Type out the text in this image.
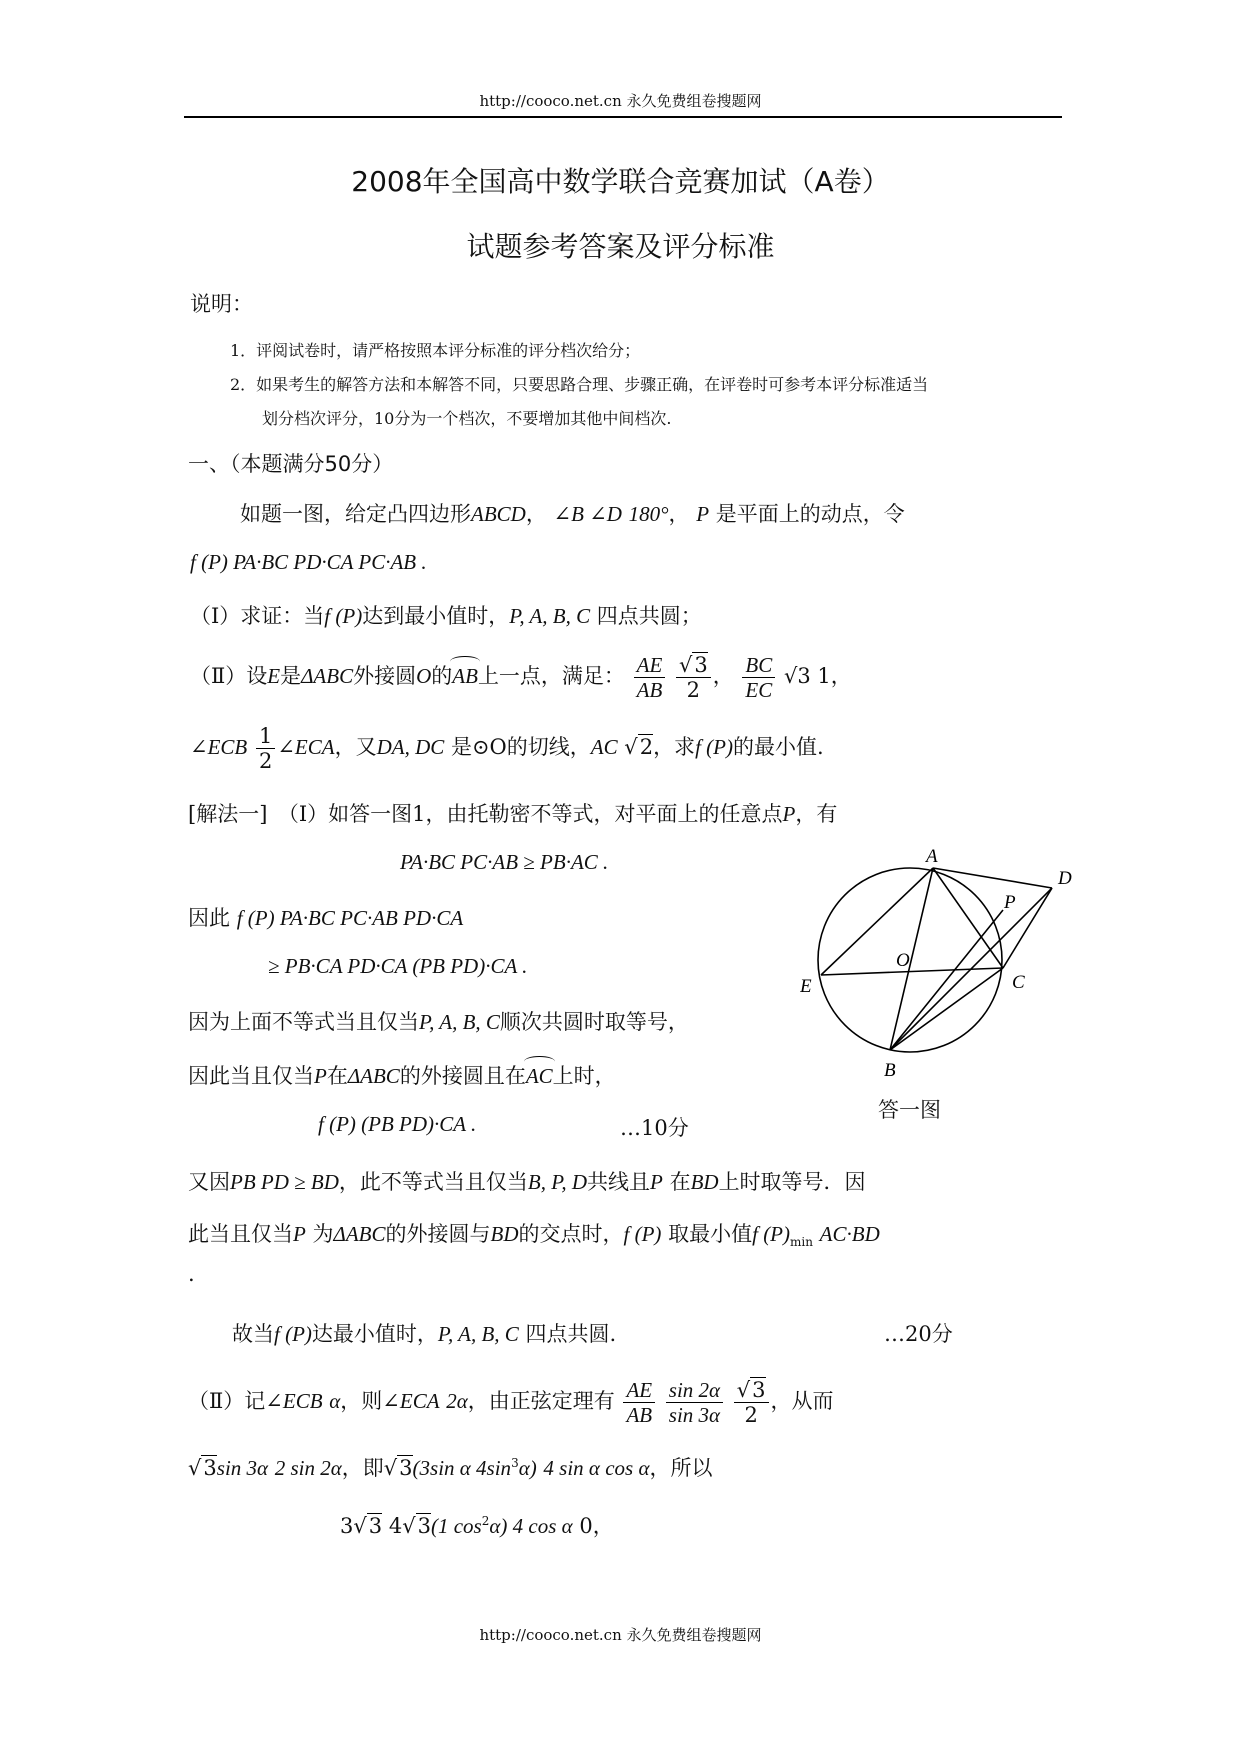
http://cooco.net.cn 永久免费组卷搜题网
2008年全国高中数学联合竞赛加试（A卷）
试题参考答案及评分标准
说明：
1．评阅试卷时，请严格按照本评分标准的评分档次给分；
2．如果考生的解答方法和本解答不同，只要思路合理、步骤正确，在评卷时可参考本评分标准适当
划分档次评分，10分为一个档次，不要增加其他中间档次.
一、（本题满分50分）
如题一图，给定凸四边形ABCD， ∠B ∠D 180°， P 是平面上的动点，令
f (P) PA·BC PD·CA PC·AB .
（Ⅰ）求证：当f (P)达到最小值时，P, A, B, C 四点共圆；
（Ⅱ）设E是ΔABC外接圆O的AB上一点，满足： $\frac{AE}{AB}$
$\frac{√3}{2}$ ， $\frac{BC}{EC} √3$ 1，
∠ECB $\frac{1}{2}$ ∠ECA，又DA, DC 是⊙O的切线，AC √2，求f (P)的最小值.
[解法一]　（Ⅰ）如答一图1，由托勒密不等式，对平面上的任意点P，有
PA·BC PC·AB ≥ PB·AC .
因此 f (P) PA·BC PC·AB PD·CA
≥ PB·CA PD·CA (PB PD)·CA .
因为上面不等式当且仅当P, A, B, C顺次共圆时取等号，
因此当且仅当P在ΔABC的外接圆且在AC上时，
f (P) (PB PD)·CA .	…10分
又因PB PD ≥ BD，此不等式当且仅当B, P, D共线且P 在BD上时取等号．因
此当且仅当P 为ΔABC的外接圆与BD的交点时，f (P) 取最小值f $(P)_{min}$ AC·BD
.
故当f (P)达最小值时，P, A, B, C 四点共圆.	…20分
（Ⅱ）记∠ECB α，则∠ECA 2α，由正弦定理有 $\frac{AE}{AB}$
$\frac{\sin 2\alpha}{\sin 3\alpha}$
$\frac{√3}{2}$ ，从而
√3sin 3α 2 sin 2α，即√3(3sin α $4\sin^3\alpha$) 4 sin α cos α，所以
3√3 4√3(1 $\cos^2\alpha$) 4 cos α 0，
A
D
P
O
E	C
B
答一图
http://cooco.net.cn 永久免费组卷搜题网
